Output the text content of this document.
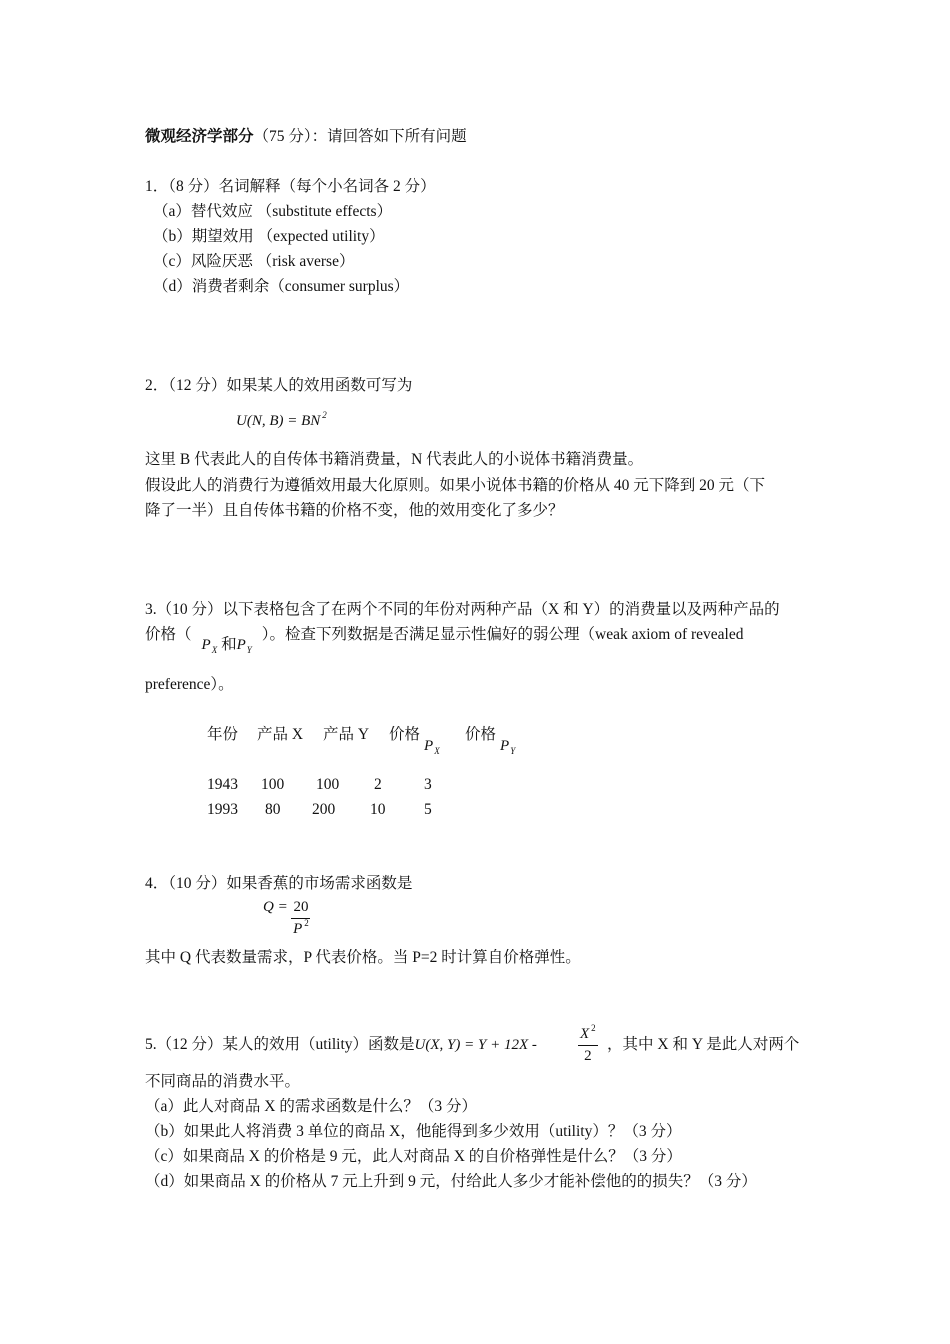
微观经济学部分（75 分）：请回答如下所有问题
1．（8 分）名词解释（每个小名词各 2 分）
（a）替代效应 （substitute effects）
（b）期望效用 （expected utility）
（c）风险厌恶 （risk averse）
（d）消费者剩余（consumer surplus）
2．（12 分）如果某人的效用函数可写为
U(N, B) = BN $^2$
这里 B 代表此人的自传体书籍消费量，N 代表此人的小说体书籍消费量。
假设此人的消费行为遵循效用最大化原则。如果小说体书籍的价格从 40 元下降到 20 元（下
降了一半）且自传体书籍的价格不变，他的效用变化了多少？
3.（10 分）以下表格包含了在两个不同的年份对两种产品（X 和 Y）的消费量以及两种产品的
价格（$P_X$ 和$P_Y$）。检查下列数据是否满足显示性偏好的弱公理（weak axiom of revealed
preference）。
年份 产品 X 产品 Y 价格$P_X$
价格$P_Y$
1943 100 100 2	3
1993 80 200 10 5
4．（10 分）如果香蕉的市场需求函数是
$Q = \frac{20}{P ^2}$
其中 Q 代表数量需求，P 代表价格。当 P=2 时计算自价格弹性。
5.（12 分）某人的效用（utility）函数是U(X, Y) = Y + 12X -	$\frac{X ^2}{2}$ ，其中 X 和 Y 是此人对两个
不同商品的消费水平。
（a）此人对商品 X 的需求函数是什么？（3 分）
（b）如果此人将消费 3 单位的商品 X，他能得到多少效用（utility）？（3 分）
（c）如果商品 X 的价格是 9 元，此人对商品 X 的自价格弹性是什么？（3 分）
（d）如果商品 X 的价格从 7 元上升到 9 元，付给此人多少才能补偿他的的损失？（3 分）
